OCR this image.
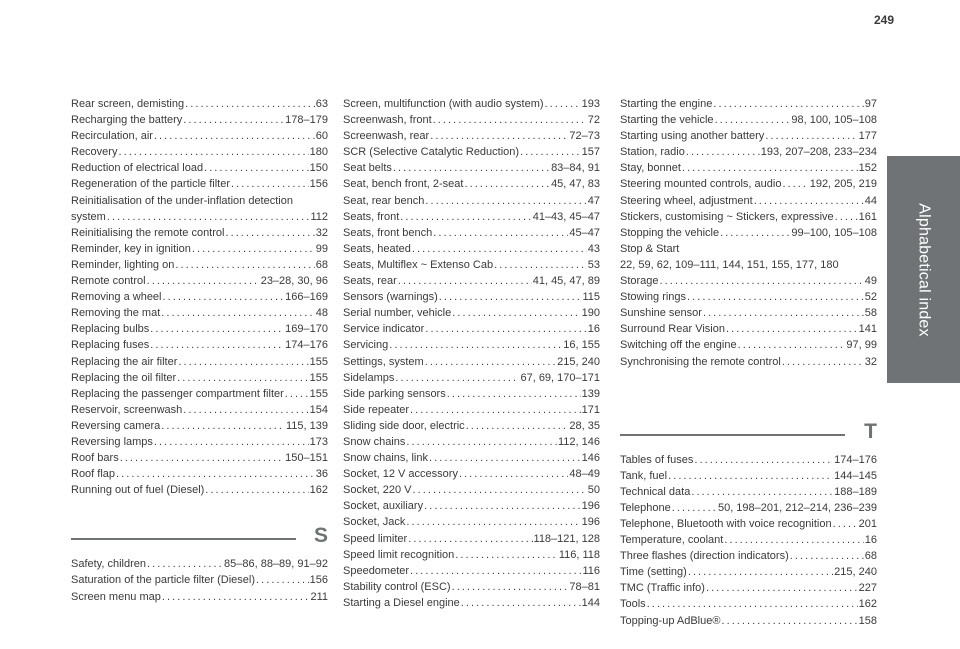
249
Alphabetical index
Rear screen, demisting . . .	63
Recharging the battery . . .	178–179
Recirculation, air . . .	60
Recovery . . .	180
Reduction of electrical load . . .	150
Regeneration of the particle filter . . .	156
Reinitialisation of the under-inflation detection
system . . .	112
Reinitialising the remote control . . .	32
Reminder, key in ignition . . .	99
Reminder, lighting on . . .	68
Remote control . . .	23–28, 30, 96
Removing a wheel . . .	166–169
Removing the mat . . .	48
Replacing bulbs . . .	169–170
Replacing fuses . . .	174–176
Replacing the air filter . . .	155
Replacing the oil filter . . .	155
Replacing the passenger compartment filter . . . 155
Reservoir, screenwash . . .	154
Reversing camera . . .	115, 139
Reversing lamps . . .	173
Roof bars . . .	150–151
Roof flap . . .	36
Running out of fuel (Diesel) . . .	162
S
Safety, children . . .	85–86, 88–89, 91–92
Saturation of the particle filter (Diesel) . . .	156
Screen menu map . . .	211
Screen, multifunction (with audio system) . . .	193
Screenwash, front . . .	72
Screenwash, rear . . .	72–73
SCR (Selective Catalytic Reduction) . . .	157
Seat belts . . .	83–84, 91
Seat, bench front, 2-seat . . .	45, 47, 83
Seat, rear bench . . .	47
Seats, front . . .	41–43, 45–47
Seats, front bench . . .	45–47
Seats, heated . . .	43
Seats, Multiflex ~ Extenso Cab . . .	53
Seats, rear . . .	41, 45, 47, 89
Sensors (warnings) . . .	115
Serial number, vehicle . . .	190
Service indicator . . .	16
Servicing . . .	16, 155
Settings, system . . .	215, 240
Sidelamps . . .	67, 69, 170–171
Side parking sensors . . .	139
Side repeater . . .	171
Sliding side door, electric . . .	28, 35
Snow chains . . .	112, 146
Snow chains, link . . .	146
Socket, 12 V accessory . . .	48–49
Socket, 220 V . . .	50
Socket, auxiliary . . .	196
Socket, Jack . . .	196
Speed limiter . . .	118–121, 128
Speed limit recognition . . .	116, 118
Speedometer . . .	116
Stability control (ESC) . . .	78–81
Starting a Diesel engine . . .	144
Starting the engine . . .	97
Starting the vehicle . . .	98, 100, 105–108
Starting using another battery . . .	177
Station, radio . . .	193, 207–208, 233–234
Stay, bonnet . . .	152
Steering mounted controls, audio . . .	192, 205, 219
Steering wheel, adjustment . . .	44
Stickers, customising ~ Stickers, expressive . . . 161
Stopping the vehicle . . .	99–100, 105–108
Stop & Start
22, 59, 62, 109–111, 144, 151, 155, 177, 180
Storage . . .	49
Stowing rings . . .	52
Sunshine sensor . . .	58
Surround Rear Vision . . .	141
Switching off the engine . . .	97, 99
Synchronising the remote control . . .	32
T
Tables of fuses . . .	174–176
Tank, fuel . . .	144–145
Technical data . . .	188–189
Telephone . . .	50, 198–201, 212–214, 236–239
Telephone, Bluetooth with voice recognition . . . 201
Temperature, coolant . . .	16
Three flashes (direction indicators) . . .	68
Time (setting) . . .	215, 240
TMC (Traffic info) . . .	227
Tools . . .	162
Topping-up AdBlue® . . .	158
